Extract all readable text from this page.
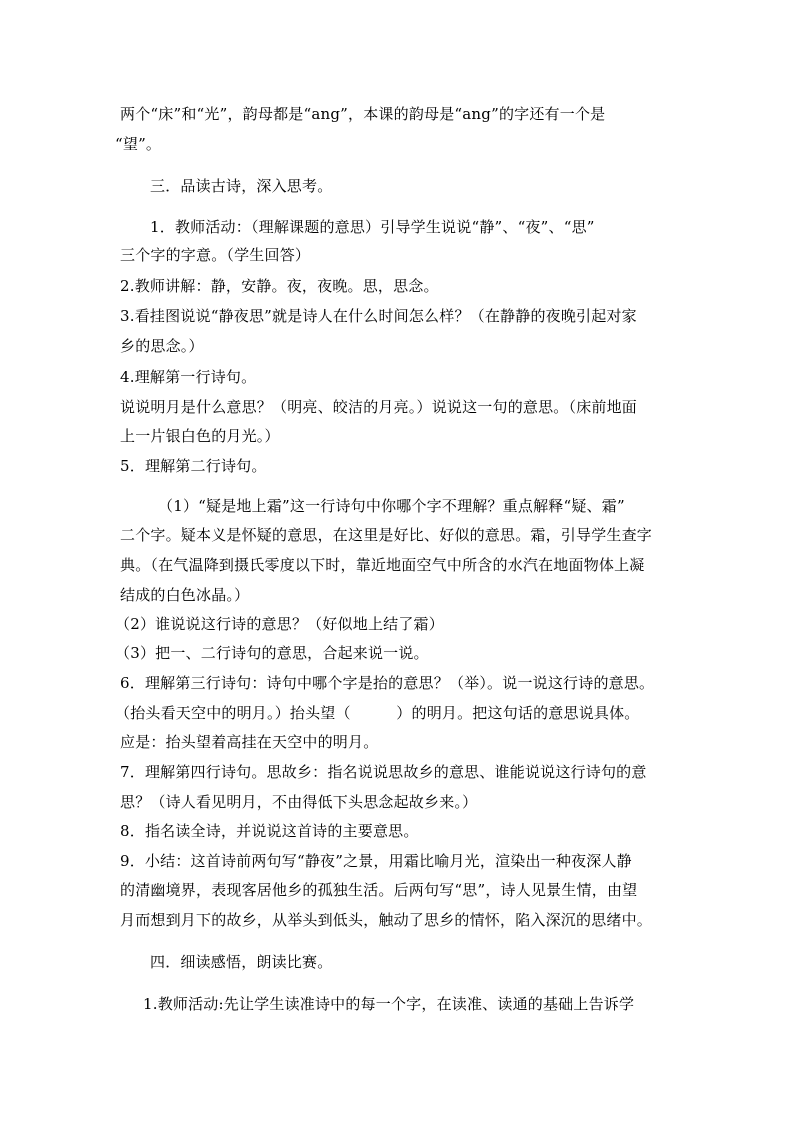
两个“床”和“光”，韵母都是“ang”，本课的韵母是“ang”的字还有一个是

“望”。

三．品读古诗，深入思考。

1．教师活动：（理解课题的意思）引导学生说说“静”、“夜”、“思”

三个字的字意。（学生回答）

2.教师讲解：静，安静。夜，夜晚。思，思念。

3.看挂图说说“静夜思”就是诗人在什么时间怎么样？（在静静的夜晚引起对家

乡的思念。）

4.理解第一行诗句。

说说明月是什么意思？（明亮、皎洁的月亮。）说说这一句的意思。（床前地面

上一片银白色的月光。）

5．理解第二行诗句。

（1）“疑是地上霜”这一行诗句中你哪个字不理解？重点解释“疑、霜”

二个字。疑本义是怀疑的意思，在这里是好比、好似的意思。霜，引导学生查字

典。（在气温降到摄氏零度以下时，靠近地面空气中所含的水汽在地面物体上凝

结成的白色冰晶。）

（2）谁说说这行诗的意思？（好似地上结了霜）

（3）把一、二行诗句的意思，合起来说一说。

6．理解第三行诗句：诗句中哪个字是抬的意思？（举）。说一说这行诗的意思。

（抬头看天空中的明月。）抬头望（　　　）的明月。把这句话的意思说具体。

应是：抬头望着高挂在天空中的明月。

7．理解第四行诗句。思故乡：指名说说思故乡的意思、谁能说说这行诗句的意

思？（诗人看见明月，不由得低下头思念起故乡来。）

8．指名读全诗，并说说这首诗的主要意思。

9．小结：这首诗前两句写“静夜”之景，用霜比喻月光，渲染出一种夜深人静

的清幽境界，表现客居他乡的孤独生活。后两句写“思”，诗人见景生情，由望

月而想到月下的故乡，从举头到低头，触动了思乡的情怀，陷入深沉的思绪中。

四．细读感悟，朗读比赛。

1.教师活动:先让学生读准诗中的每一个字，在读准、读通的基础上告诉学
